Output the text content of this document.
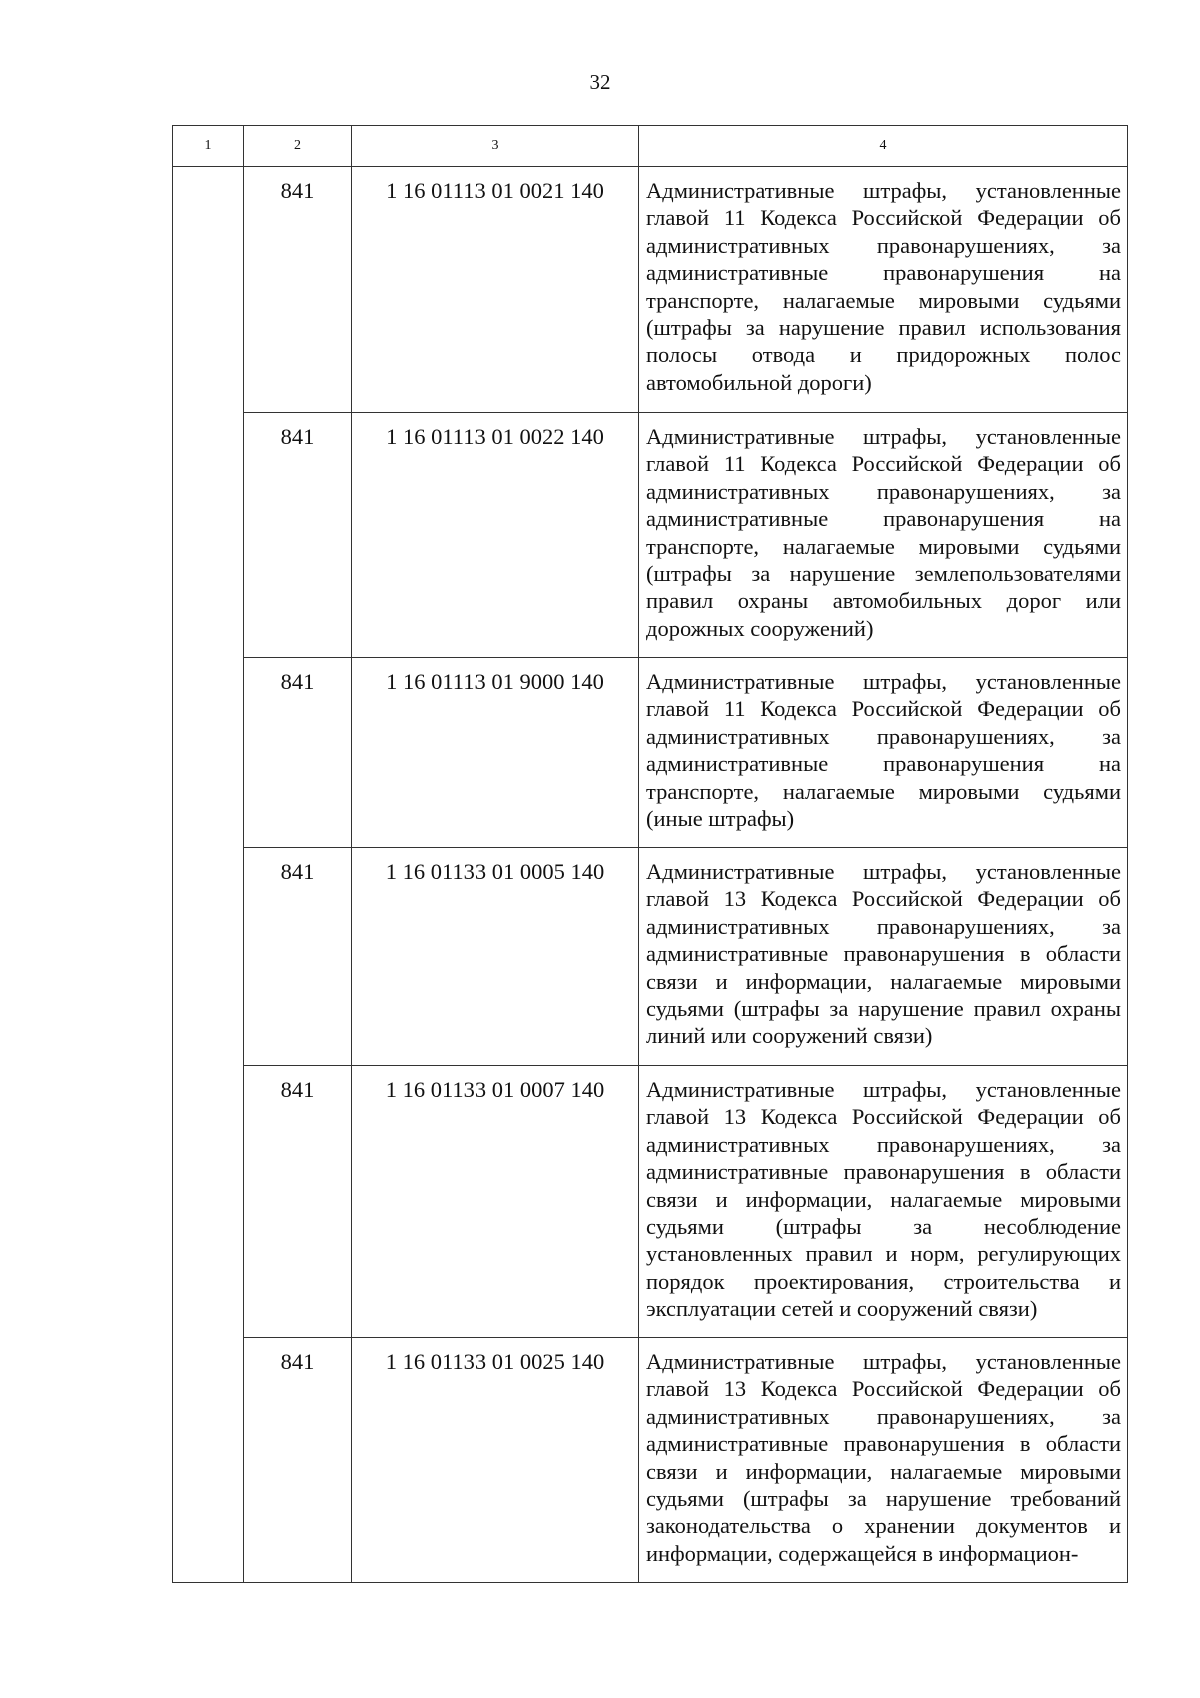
32
1	2	3	4
	841	1 16 01113 01 0021 140	Административные штрафы, установленные главой 11 Кодекса Российской Федерации об административных правонарушениях, за административные правонарушения на транспорте, налагаемые мировыми судьями (штрафы за нарушение правил использования полосы отвода и придорожных полос автомобильной дороги)
	841	1 16 01113 01 0022 140	Административные штрафы, установленные главой 11 Кодекса Российской Федерации об административных правонарушениях, за административные правонарушения на транспорте, налагаемые мировыми судьями (штрафы за нарушение землепользователями правил охраны автомобильных дорог или дорожных сооружений)
	841	1 16 01113 01 9000 140	Административные штрафы, установленные главой 11 Кодекса Российской Федерации об административных правонарушениях, за административные правонарушения на транспорте, налагаемые мировыми судьями (иные штрафы)
	841	1 16 01133 01 0005 140	Административные штрафы, установленные главой 13 Кодекса Российской Федерации об административных правонарушениях, за административные правонарушения в области связи и информации, налагаемые мировыми судьями (штрафы за нарушение правил охраны линий или сооружений связи)
	841	1 16 01133 01 0007 140	Административные штрафы, установленные главой 13 Кодекса Российской Федерации об административных правонарушениях, за административные правонарушения в области связи и информации, налагаемые мировыми судьями (штрафы за несоблюдение установленных правил и норм, регулирующих порядок проектирования, строительства и эксплуатации сетей и сооружений связи)
	841	1 16 01133 01 0025 140	Административные штрафы, установленные главой 13 Кодекса Российской Федерации об административных правонарушениях, за административные правонарушения в области связи и информации, налагаемые мировыми судьями (штрафы за нарушение требований законодательства о хранении документов и информации, содержащейся в информацион-
